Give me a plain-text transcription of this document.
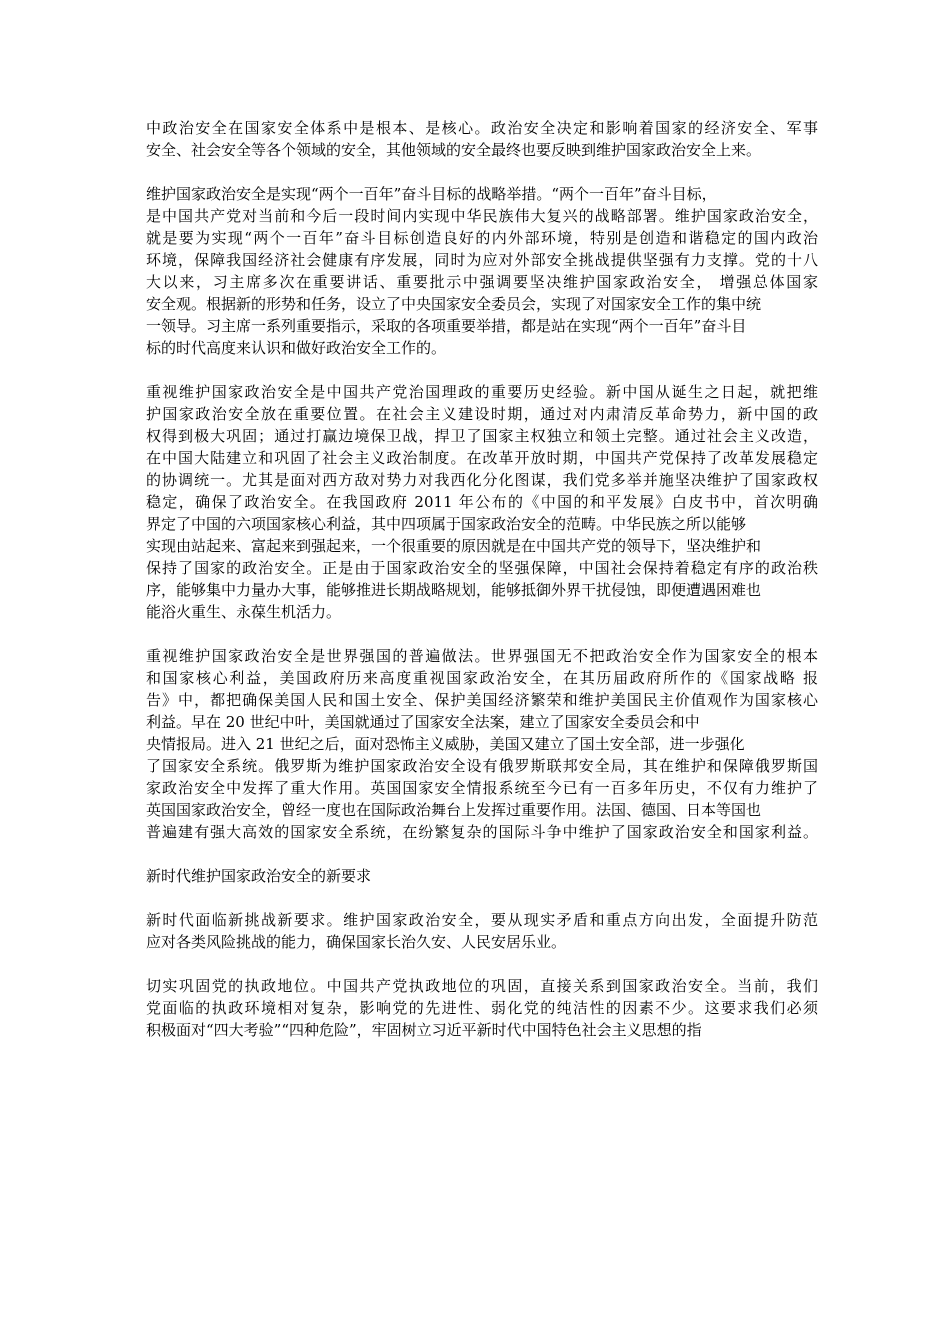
中政治安全在国家安全体系中是根本、是核心。政治安全决定和影响着国家的经济安全、军事
安全、社会安全等各个领域的安全，其他领域的安全最终也要反映到维护国家政治安全上来。
维护国家政治安全是实现“两个一百年”奋斗目标的战略举措。“两个一百年”奋斗目标，
是中国共产党对当前和今后一段时间内实现中华民族伟大复兴的战略部署。维护国家政治安全，
就是要为实现“两个一百年”奋斗目标创造良好的内外部环境，特别是创造和谐稳定的国内政治
环境，保障我国经济社会健康有序发展，同时为应对外部安全挑战提供坚强有力支撑。党的十八
大以来，习主席多次在重要讲话、重要批示中强调要坚决维护国家政治安全， 增强总体国家
安全观。根据新的形势和任务，设立了中央国家安全委员会，实现了对国家安全工作的集中统
一领导。习主席一系列重要指示，采取的各项重要举措，都是站在实现“两个一百年”奋斗目
标的时代高度来认识和做好政治安全工作的。
重视维护国家政治安全是中国共产党治国理政的重要历史经验。新中国从诞生之日起，就把维
护国家政治安全放在重要位置。在社会主义建设时期，通过对内肃清反革命势力，新中国的政
权得到极大巩固；通过打赢边境保卫战，捍卫了国家主权独立和领土完整。通过社会主义改造，
在中国大陆建立和巩固了社会主义政治制度。在改革开放时期，中国共产党保持了改革发展稳定
的协调统一。尤其是面对西方敌对势力对我西化分化图谋，我们党多举并施坚决维护了国家政权
稳定，确保了政治安全。在我国政府 2011 年公布的《中国的和平发展》白皮书中，首次明确
界定了中国的六项国家核心利益，其中四项属于国家政治安全的范畴。中华民族之所以能够
实现由站起来、富起来到强起来，一个很重要的原因就是在中国共产党的领导下，坚决维护和
保持了国家的政治安全。正是由于国家政治安全的坚强保障，中国社会保持着稳定有序的政治秩
序，能够集中力量办大事，能够推进长期战略规划，能够抵御外界干扰侵蚀，即便遭遇困难也
能浴火重生、永葆生机活力。
重视维护国家政治安全是世界强国的普遍做法。世界强国无不把政治安全作为国家安全的根本
和国家核心利益，美国政府历来高度重视国家政治安全，在其历届政府所作的《国家战略 报
告》中，都把确保美国人民和国土安全、保护美国经济繁荣和维护美国民主价值观作为国家核心
利益。早在 20 世纪中叶，美国就通过了国家安全法案，建立了国家安全委员会和中
央情报局。进入 21 世纪之后，面对恐怖主义威胁，美国又建立了国土安全部，进一步强化
了国家安全系统。俄罗斯为维护国家政治安全设有俄罗斯联邦安全局，其在维护和保障俄罗斯国
家政治安全中发挥了重大作用。英国国家安全情报系统至今已有一百多年历史，不仅有力维护了
英国国家政治安全，曾经一度也在国际政治舞台上发挥过重要作用。法国、德国、日本等国也
普遍建有强大高效的国家安全系统，在纷繁复杂的国际斗争中维护了国家政治安全和国家利益。
新时代维护国家政治安全的新要求
新时代面临新挑战新要求。维护国家政治安全，要从现实矛盾和重点方向出发，全面提升防范
应对各类风险挑战的能力，确保国家长治久安、人民安居乐业。
切实巩固党的执政地位。中国共产党执政地位的巩固，直接关系到国家政治安全。当前，我们
党面临的执政环境相对复杂，影响党的先进性、弱化党的纯洁性的因素不少。这要求我们必须
积极面对“四大考验”“四种危险”，牢固树立习近平新时代中国特色社会主义思想的指
